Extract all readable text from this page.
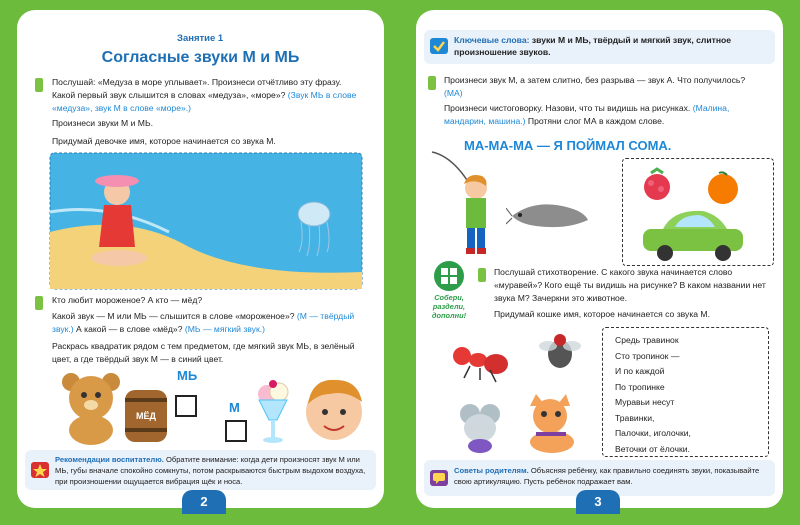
Занятие 1
Согласные звуки М и МЬ
Послушай: «Медуза в море уплывает». Произнеси отчётливо эту фразу. Какой первый звук слышится в словах «медуза», «море»? (Звук МЬ в слове «медуза», звук М в слове «море».)
Произнеси звуки М и МЬ.
Придумай девочке имя, которое начинается со звука М.
Кто любит мороженое? А кто — мёд?
Какой звук — М или МЬ — слышится в слове «мороженое»? (М — твёрдый звук.) А какой — в слове «мёд»? (МЬ — мягкий звук.)
Раскрась квадратик рядом с тем предметом, где мягкий звук МЬ, в зелёный цвет, а где твёрдый звук М — в синий цвет.
МЁД
МЬ
М
Рекомендации воспитателю. Обратите внимание: когда дети произносят звук М или МЬ, губы вначале спокойно сомкнуты, потом раскрываются быстрым выдохом воздуха, при произношении ощущается вибрация щёк и носа.
2
Ключевые слова: звуки М и МЬ, твёрдый и мягкий звук, слитное произношение звуков.
Произнеси звук М, а затем слитно, без разрыва — звук А. Что получилось? (МА)
Произнеси чистоговорку. Назови, что ты видишь на рисунках. (Малина, мандарин, машина.) Протяни слог МА в каждом слове.
МА-МА-МА — Я ПОЙМАЛ СОМА.
Собери, раздели, дополни!
Послушай стихотворение. С какого звука начинается слово «муравей»? Кого ещё ты видишь на рисунке? В каком названии нет звука М? Зачеркни это животное.
Придумай кошке имя, которое начинается со звука М.
Средь травинок
Сто тропинок —
И по каждой
По тропинке
Муравьи несут
Травинки,
Палочки, иголочки,
Веточки от ёлочки.
Советы родителям. Объясняя ребёнку, как правильно соединять звуки, показывайте свою артикуляцию. Пусть ребёнок подражает вам.
3
